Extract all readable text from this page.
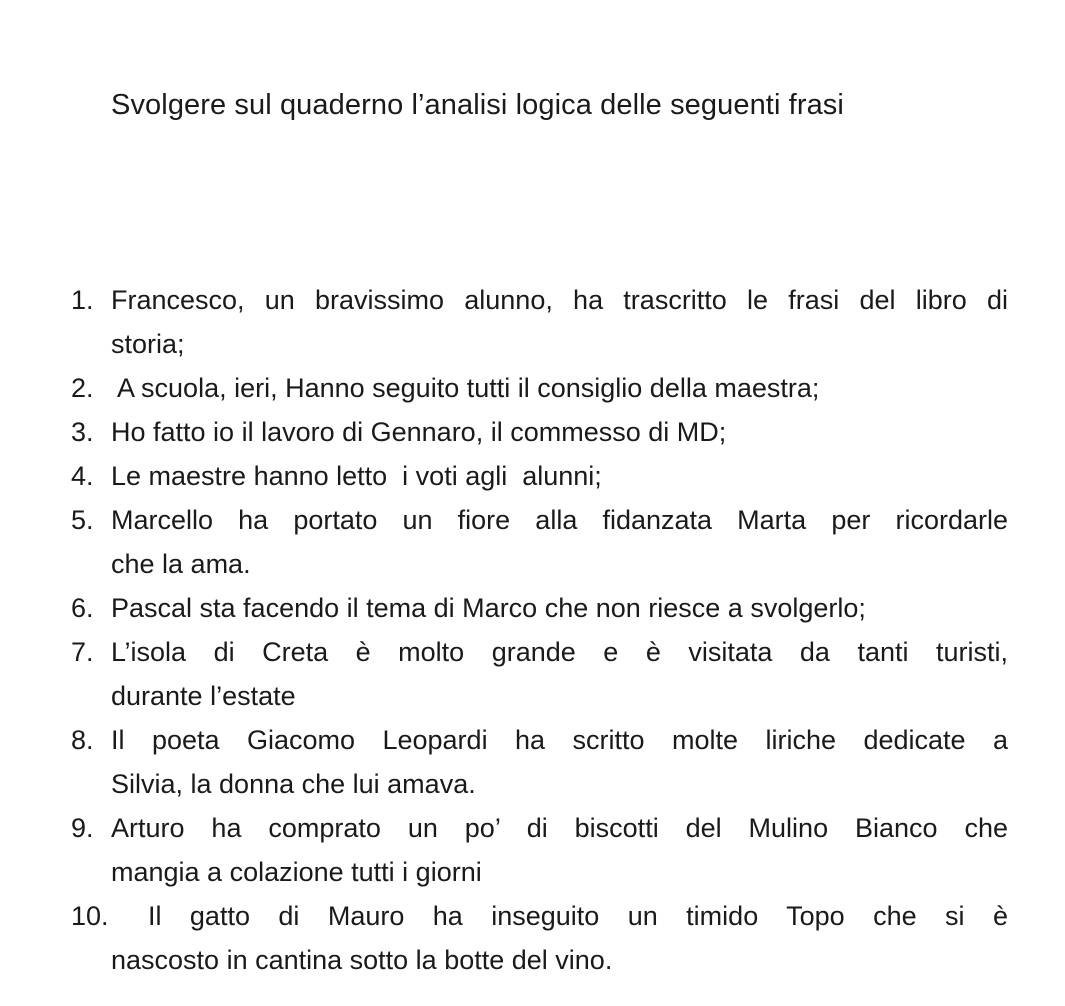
Svolgere sul quaderno l’analisi logica delle seguenti frasi
1. Francesco, un bravissimo alunno, ha trascritto le frasi del libro di
storia;
2. A scuola, ieri, Hanno seguito tutti il consiglio della maestra;
3. Ho fatto io il lavoro di Gennaro, il commesso di MD;
4. Le maestre hanno letto  i voti agli  alunni;
5. Marcello ha portato un fiore alla fidanzata Marta per ricordarle
che la ama.
6. Pascal sta facendo il tema di Marco che non riesce a svolgerlo;
7. L’isola di Creta è molto grande e è visitata da tanti turisti,
durante l’estate
8. Il poeta Giacomo Leopardi ha scritto molte liriche dedicate a
Silvia, la donna che lui amava.
9. Arturo ha comprato un po’ di biscotti del Mulino Bianco che
mangia a colazione tutti i giorni
10. Il gatto di Mauro ha inseguito un timido Topo che si è
nascosto in cantina sotto la botte del vino.
